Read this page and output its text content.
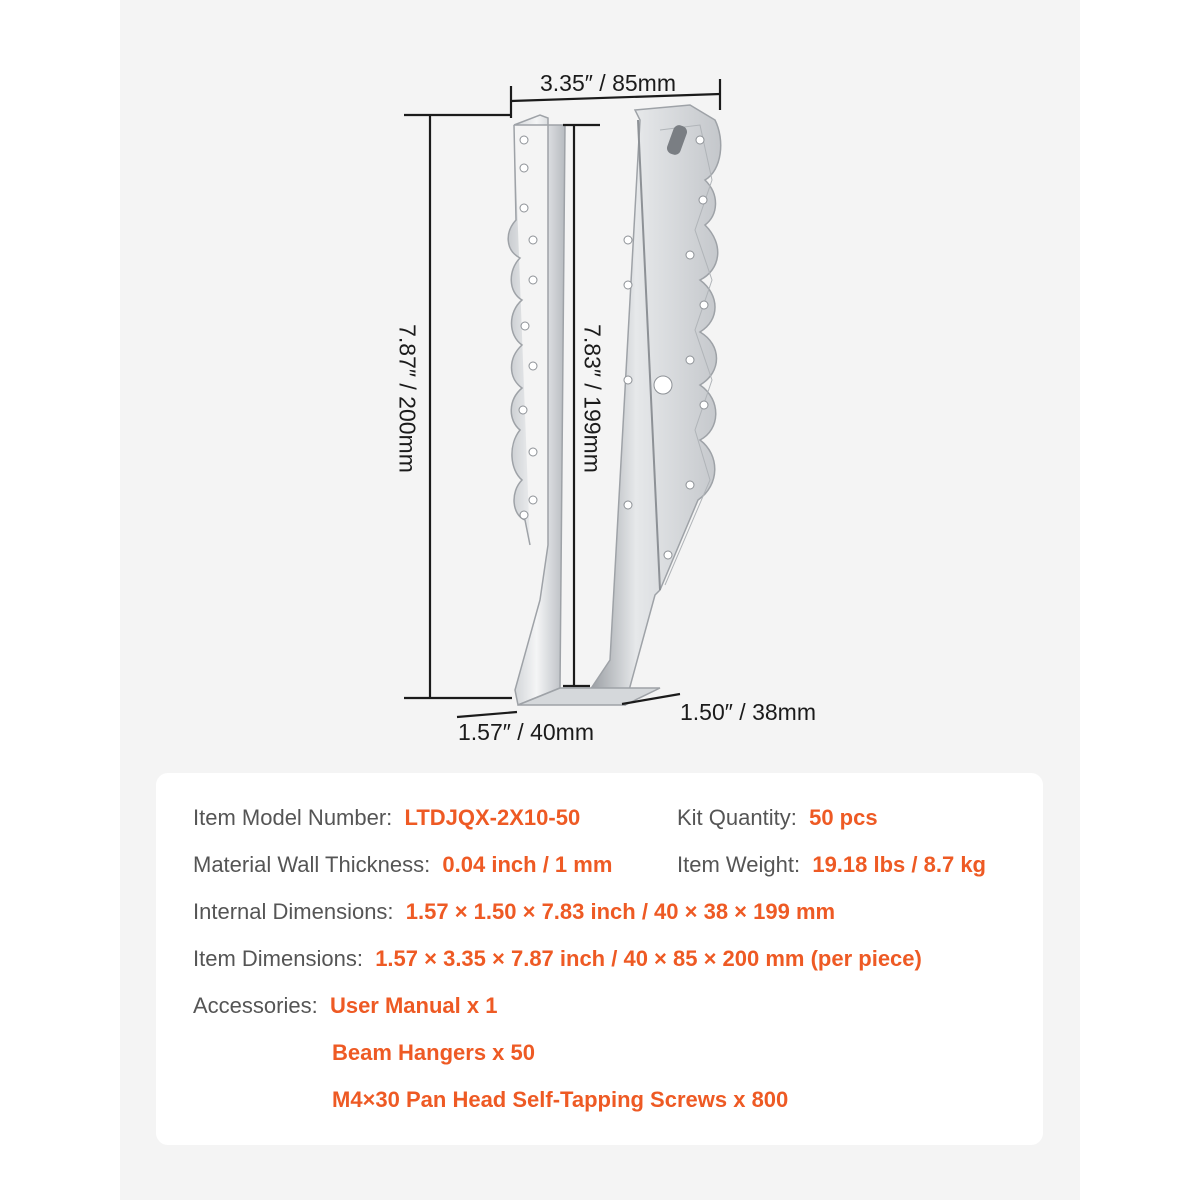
3.35″ / 85mm
7.87″ / 200mm	7.83″ / 199mm
1.57″ / 40mm
1.50″ / 38mm
Item Model Number: LTDJQX-2X10-50	Kit Quantity: 50 pcs
Material Wall Thickness: 0.04 inch / 1 mm	Item Weight: 19.18 lbs / 8.7 kg
Internal Dimensions: 1.57 × 1.50 × 7.83 inch / 40 × 38 × 199 mm
Item Dimensions: 1.57 × 3.35 × 7.87 inch / 40 × 85 × 200 mm (per piece)
Accessories: User Manual x 1
Beam Hangers x 50
M4×30 Pan Head Self-Tapping Screws x 800
